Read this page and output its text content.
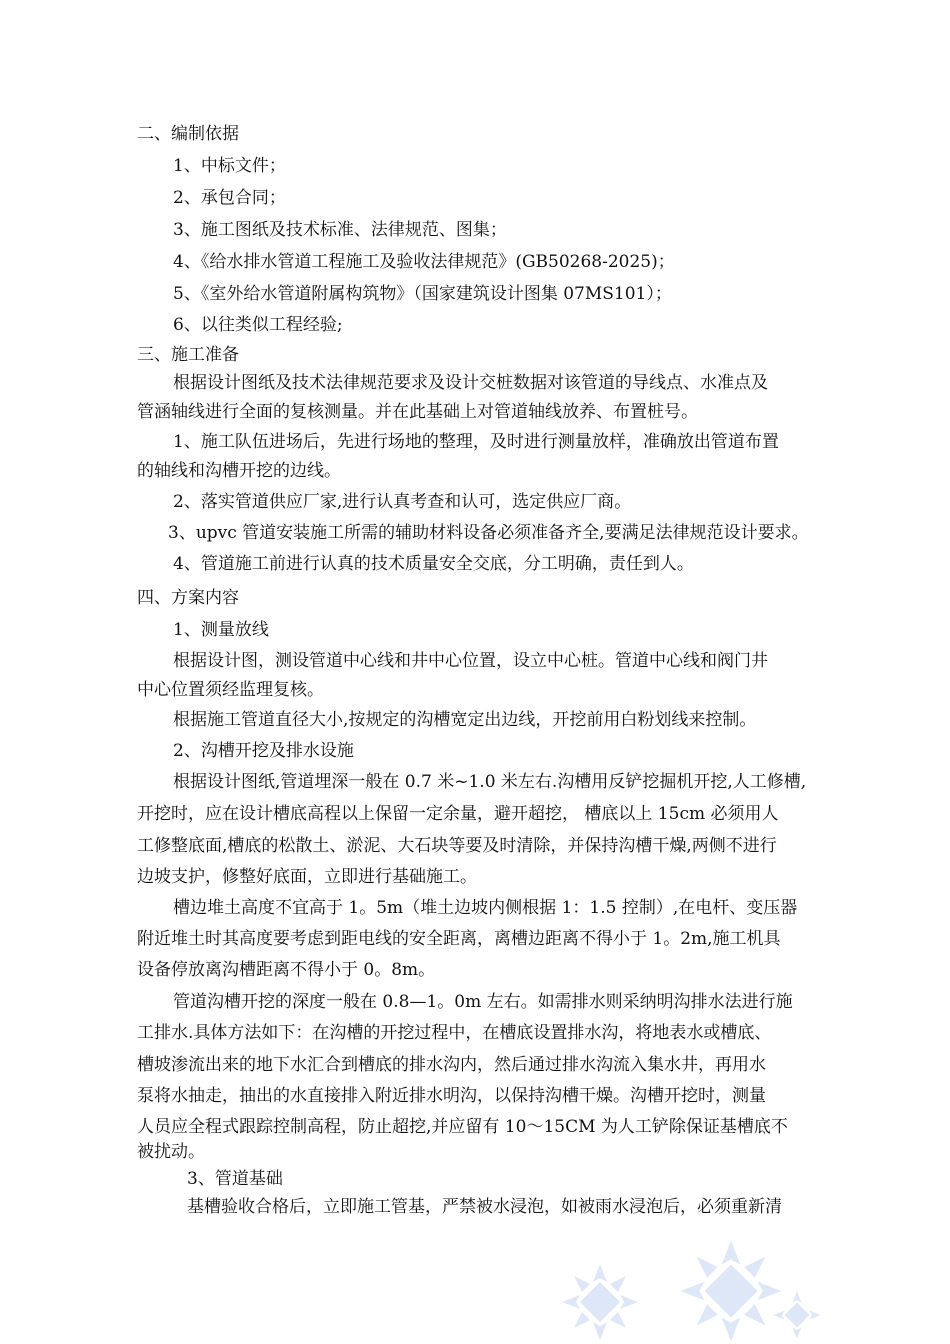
二、编制依据
1、中标文件；
2、承包合同；
3、施工图纸及技术标准、法律规范、图集；
4、《给水排水管道工程施工及验收法律规范》(GB50268-2025)；
5、《室外给水管道附属构筑物》（国家建筑设计图集 07MS101）；
6、以往类似工程经验;
三、施工准备
根据设计图纸及技术法律规范要求及设计交桩数据对该管道的导线点、水准点及
管涵轴线进行全面的复核测量。并在此基础上对管道轴线放养、布置桩号。
1、施工队伍进场后，先进行场地的整理，及时进行测量放样，准确放出管道布置
的轴线和沟槽开挖的边线。
2、落实管道供应厂家,进行认真考查和认可，选定供应厂商。
3、upvc 管道安装施工所需的辅助材料设备必须准备齐全,要满足法律规范设计要求。
4、管道施工前进行认真的技术质量安全交底，分工明确，责任到人。
四、方案内容
1、测量放线
根据设计图，测设管道中心线和井中心位置，设立中心桩。管道中心线和阀门井
中心位置须经监理复核。
根据施工管道直径大小,按规定的沟槽宽定出边线，开挖前用白粉划线来控制。
2、沟槽开挖及排水设施
根据设计图纸,管道埋深一般在 0.7 米~1.0 米左右.沟槽用反铲挖掘机开挖,人工修槽,
开挖时，应在设计槽底高程以上保留一定余量，避开超挖， 槽底以上 15cm 必须用人
工修整底面,槽底的松散土、淤泥、大石块等要及时清除，并保持沟槽干燥,两侧不进行
边坡支护，修整好底面，立即进行基础施工。
槽边堆土高度不宜高于 1。5m（堆土边坡内侧根据 1：1.5 控制）,在电杆、变压器
附近堆土时其高度要考虑到距电线的安全距离，离槽边距离不得小于 1。2m,施工机具
设备停放离沟槽距离不得小于 0。8m。
管道沟槽开挖的深度一般在 0.8—1。0m 左右。如需排水则采纳明沟排水法进行施
工排水.具体方法如下：在沟槽的开挖过程中，在槽底设置排水沟，将地表水或槽底、
槽坡渗流出来的地下水汇合到槽底的排水沟内，然后通过排水沟流入集水井，再用水
泵将水抽走，抽出的水直接排入附近排水明沟，以保持沟槽干燥。沟槽开挖时，测量
人员应全程式跟踪控制高程，防止超挖,并应留有 10～15CM 为人工铲除保证基槽底不
被扰动。
3、管道基础
基槽验收合格后，立即施工管基，严禁被水浸泡，如被雨水浸泡后，必须重新清
